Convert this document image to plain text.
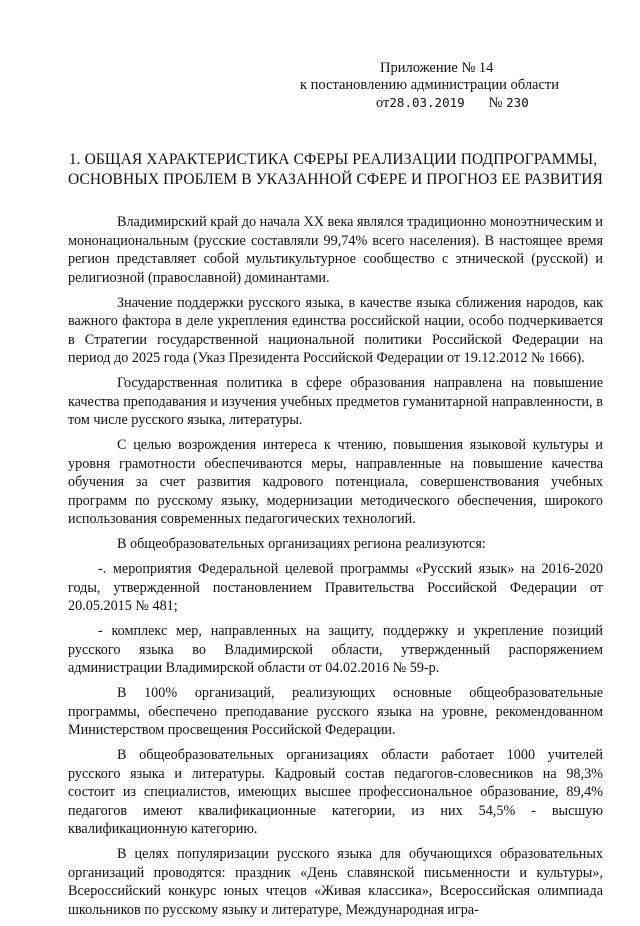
Приложение № 14
к постановлению администрации области
от28.03.2019 № 230
1. ОБЩАЯ ХАРАКТЕРИСТИКА СФЕРЫ РЕАЛИЗАЦИИ ПОДПРОГРАММЫ,
ОСНОВНЫХ ПРОБЛЕМ В УКАЗАННОЙ СФЕРЕ И ПРОГНОЗ ЕЕ РАЗВИТИЯ

Владимирский край до начала XX века являлся традиционно моноэтническим и мононациональным (русские составляли 99,74% всего населения). В настоящее время регион представляет собой мультикультурное сообщество с этнической (русской) и религиозной (православной) доминантами.

Значение поддержки русского языка, в качестве языка сближения народов, как важного фактора в деле укрепления единства российской нации, особо подчеркивается в Стратегии государственной национальной политики Российской Федерации на период до 2025 года (Указ Президента Российской Федерации от 19.12.2012 № 1666).

Государственная политика в сфере образования направлена на повышение качества преподавания и изучения учебных предметов гуманитарной направленности, в том числе русского языка, литературы.

С целью возрождения интереса к чтению, повышения языковой культуры и уровня грамотности обеспечиваются меры, направленные на повышение качества обучения за счет развития кадрового потенциала, совершенствования учебных программ по русскому языку, модернизации методического обеспечения, широкого использования современных педагогических технологий.

В общеобразовательных организациях региона реализуются:

-. мероприятия Федеральной целевой программы «Русский язык» на 2016-2020 годы, утвержденной постановлением Правительства Российской Федерации от 20.05.2015 № 481;

- комплекс мер, направленных на защиту, поддержку и укрепление позиций русского языка во Владимирской области, утвержденный распоряжением администрации Владимирской области от 04.02.2016 № 59-р.

В 100% организаций, реализующих основные общеобразовательные программы, обеспечено преподавание русского языка на уровне, рекомендованном Министерством просвещения Российской Федерации.

В общеобразовательных организациях области работает 1000 учителей русского языка и литературы. Кадровый состав педагогов-словесников на 98,3% состоит из специалистов, имеющих высшее профессиональное образование, 89,4% педагогов имеют квалификационные категории, из них 54,5% - высшую квалификационную категорию.

В целях популяризации русского языка для обучающихся образовательных организаций проводятся: праздник «День славянской письменности и культуры», Всероссийский конкурс юных чтецов «Живая классика», Всероссийская олимпиада школьников по русскому языку и литературе, Международная игра-
